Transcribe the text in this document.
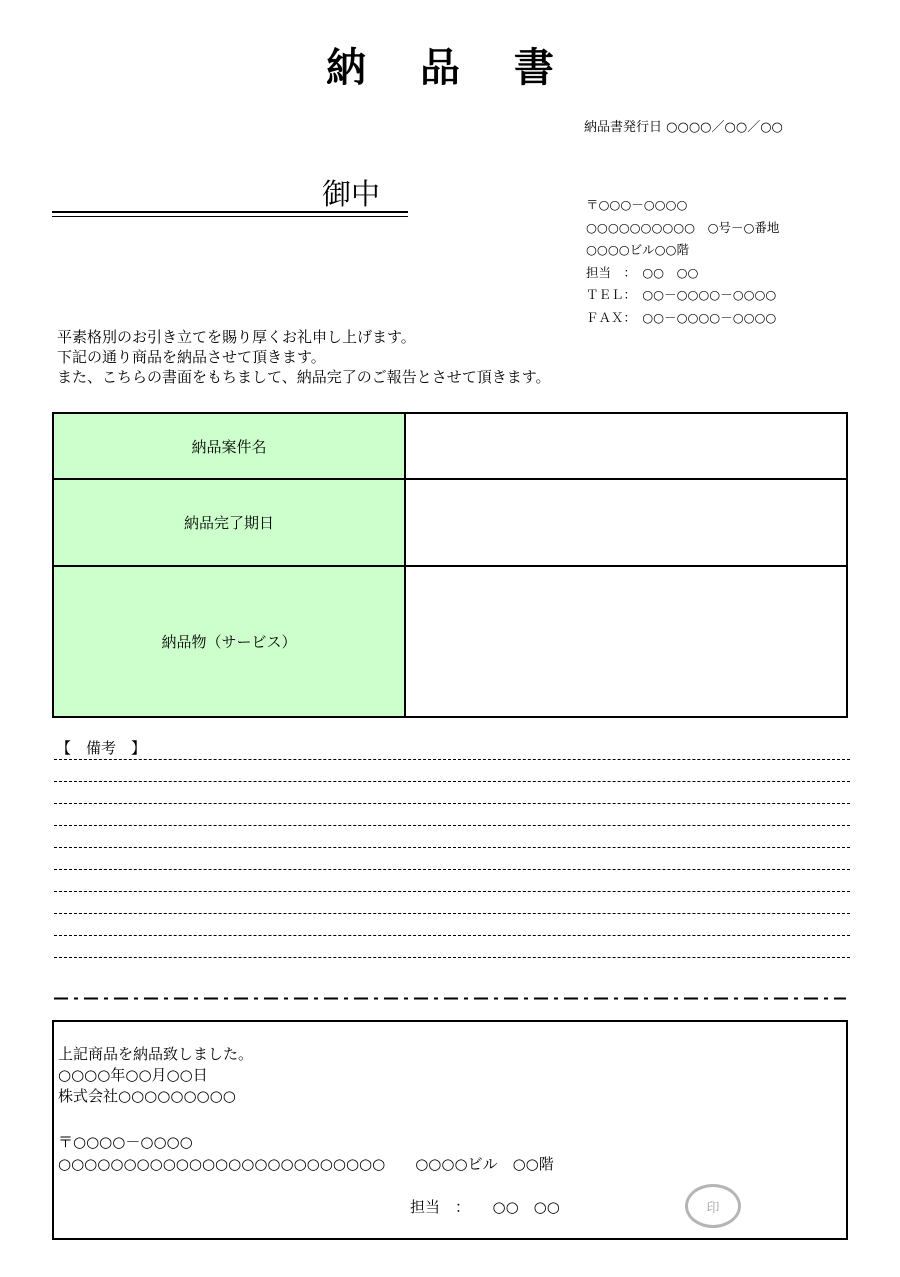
納 品 書
納品書発行日 ○○○○／○○／○○
御中	〒○○○－○○○○
○○○○○○○○○○　○号－○番地
○○○○ビル○○階
担当　：　○○　○○
ＴＥＬ：　○○－○○○○－○○○○
ＦＡＸ：　○○－○○○○－○○○○
平素格別のお引き立てを賜り厚くお礼申し上げます。
下記の通り商品を納品させて頂きます。
また、こちらの書面をもちまして、納品完了のご報告とさせて頂きます。
納品案件名
納品完了期日
納品物（サービス）
【　備考　】
上記商品を納品致しました。
○○○○年○○月○○日
株式会社○○○○○○○○○
〒○○○○－○○○○
○○○○○○○○○○○○○○○○○○○○○○○○○　　○○○○ビル　○○階
担当　：　　○○　○○	印
